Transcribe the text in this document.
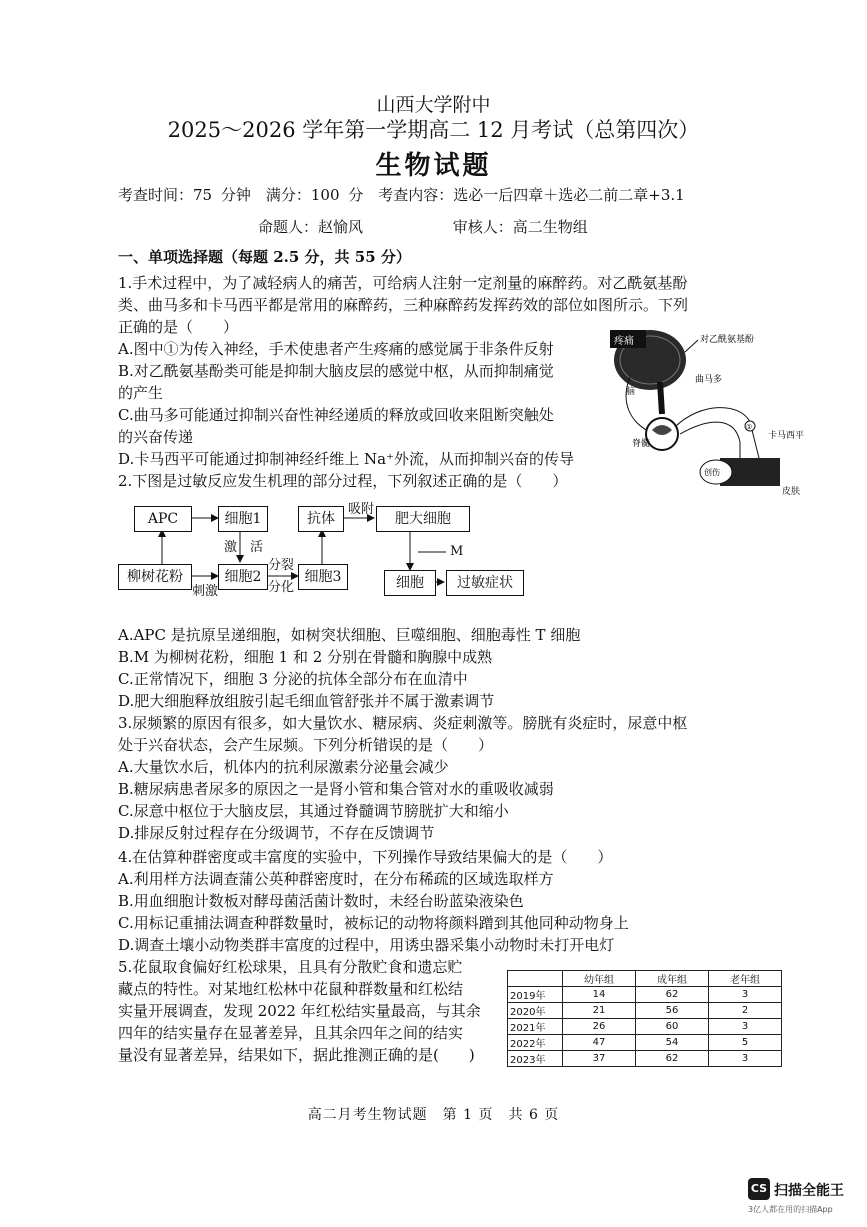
山西大学附中
2025～2026 学年第一学期高二 12 月考试（总第四次）
生物试题
考查时间：75 分钟　满分：100 分　考查内容：选必一后四章＋选必二前二章+3.1
命题人：赵愉风	审核人：高二生物组
一、单项选择题（每题 2.5 分，共 55 分）
1.手术过程中，为了减轻病人的痛苦，可给病人注射一定剂量的麻醉药。对乙酰氨基酚
类、曲马多和卡马西平都是常用的麻醉药，三种麻醉药发挥药效的部位如图所示。下列
正确的是（　　）
A.图中①为传入神经，手术使患者产生疼痛的感觉属于非条件反射
B.对乙酰氨基酚类可能是抑制大脑皮层的感觉中枢，从而抑制痛觉
的产生
C.曲马多可能通过抑制兴奋性神经递质的释放或回收来阻断突触处
的兴奋传递
D.卡马西平可能通过抑制神经纤维上 Na⁺外流，从而抑制兴奋的传导
疼痛	对乙酰氨基酚
脑
曲马多
脊髓
①
卡马西平
创伤
皮肤
2.下图是过敏反应发生机理的部分过程，下列叙述正确的是（　　）
APC	细胞1	抗体
吸附
肥大细胞
激　活	M
柳树花粉
刺激
细胞2
分裂
分化
细胞3	细胞	过敏症状
A.APC 是抗原呈递细胞，如树突状细胞、巨噬细胞、细胞毒性 T 细胞
B.M 为柳树花粉，细胞 1 和 2 分别在骨髓和胸腺中成熟
C.正常情况下，细胞 3 分泌的抗体全部分布在血清中
D.肥大细胞释放组胺引起毛细血管舒张并不属于激素调节
3.尿频繁的原因有很多，如大量饮水、糖尿病、炎症刺激等。膀胱有炎症时，尿意中枢
处于兴奋状态，会产生尿频。下列分析错误的是（　　）
A.大量饮水后，机体内的抗利尿激素分泌量会减少
B.糖尿病患者尿多的原因之一是肾小管和集合管对水的重吸收减弱
C.尿意中枢位于大脑皮层，其通过脊髓调节膀胱扩大和缩小
D.排尿反射过程存在分级调节，不存在反馈调节
4.在估算种群密度或丰富度的实验中，下列操作导致结果偏大的是（　　）
A.利用样方法调查蒲公英种群密度时，在分布稀疏的区域选取样方
B.用血细胞计数板对酵母菌活菌计数时，未经台盼蓝染液染色
C.用标记重捕法调查种群数量时，被标记的动物将颜料蹭到其他同种动物身上
D.调查土壤小动物类群丰富度的过程中，用诱虫器采集小动物时未打开电灯
5.花鼠取食偏好红松球果，且具有分散贮食和遗忘贮
藏点的特性。对某地红松林中花鼠种群数量和红松结
实量开展调查，发现 2022 年红松结实量最高，与其余
四年的结实量存在显著差异，且其余四年之间的结实
量没有显著差异，结果如下，据此推测正确的是(　　)
	幼年组	成年组	老年组
2019年	14	62	3
2020年	21	56	2
2021年	26	60	3
2022年	47	54	5
2023年	37	62	3
高二月考生物试题　第 1 页　共 6 页
CS 扫描全能王
3亿人都在用的扫描App
